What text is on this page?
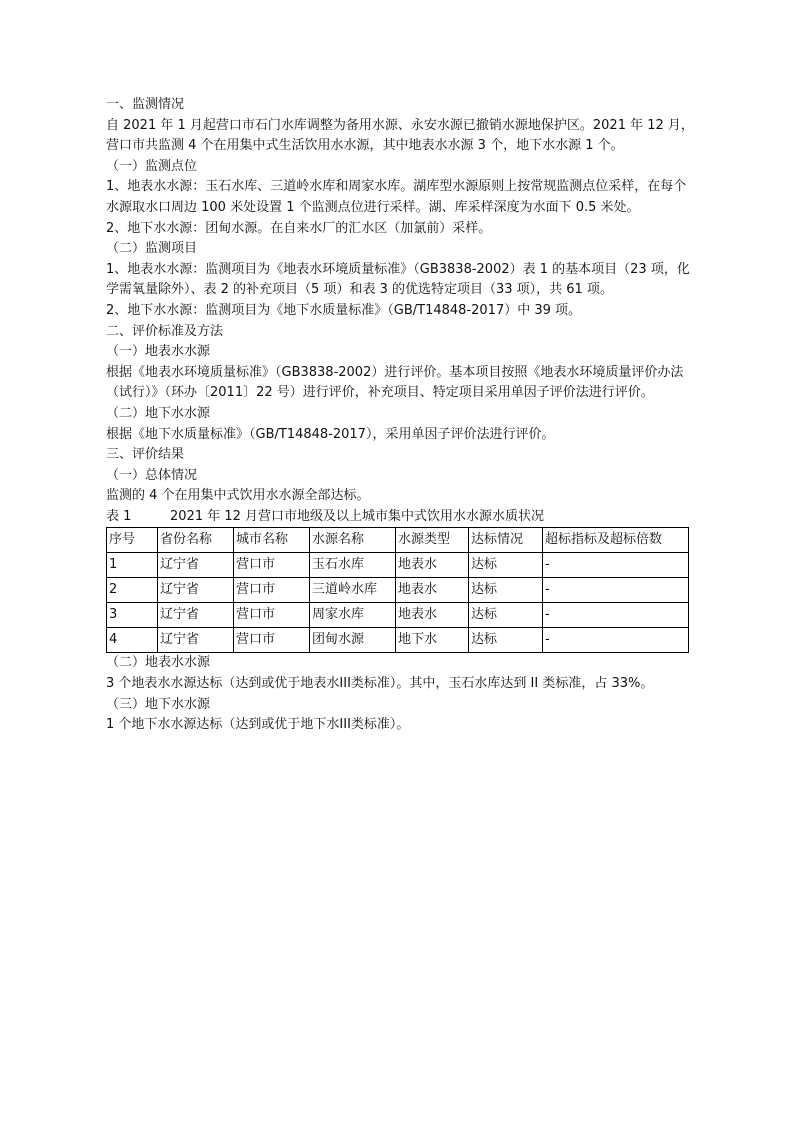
一、监测情况

自 2021 年 1 月起营口市石门水库调整为备用水源、永安水源已撤销水源地保护区。2021 年 12 月，营口市共监测 4 个在用集中式生活饮用水水源，其中地表水水源 3 个，地下水水源 1 个。

（一）监测点位

1、地表水水源：玉石水库、三道岭水库和周家水库。湖库型水源原则上按常规监测点位采样，在每个水源取水口周边 100 米处设置 1 个监测点位进行采样。湖、库采样深度为水面下 0.5 米处。

2、地下水水源：团甸水源。在自来水厂的汇水区（加氯前）采样。

（二）监测项目

1、地表水水源：监测项目为《地表水环境质量标准》（GB3838-2002）表 1 的基本项目（23 项，化学需氧量除外）、表 2 的补充项目（5 项）和表 3 的优选特定项目（33 项），共 61 项。

2、地下水水源：监测项目为《地下水质量标准》（GB/T14848-2017）中 39 项。

二、评价标准及方法

（一）地表水水源

根据《地表水环境质量标准》（GB3838-2002）进行评价。基本项目按照《地表水环境质量评价办法（试行）》（环办〔2011〕22 号）进行评价，补充项目、特定项目采用单因子评价法进行评价。

（二）地下水水源

根据《地下水质量标准》（GB/T14848-2017），采用单因子评价法进行评价。

三、评价结果

（一）总体情况

监测的 4 个在用集中式饮用水水源全部达标。

表 1	2021 年 12 月营口市地级及以上城市集中式饮用水水源水质状况

序号	省份名称	城市名称	水源名称	水源类型	达标情况	超标指标及超标倍数
1	辽宁省	营口市	玉石水库	地表水	达标	-
2	辽宁省	营口市	三道岭水库	地表水	达标	-
3	辽宁省	营口市	周家水库	地表水	达标	-
4	辽宁省	营口市	团甸水源	地下水	达标	-

（二）地表水水源

3 个地表水水源达标（达到或优于地表水III类标准）。其中，玉石水库达到 II 类标准，占 33%。

（三）地下水水源

1 个地下水水源达标（达到或优于地下水III类标准）。
